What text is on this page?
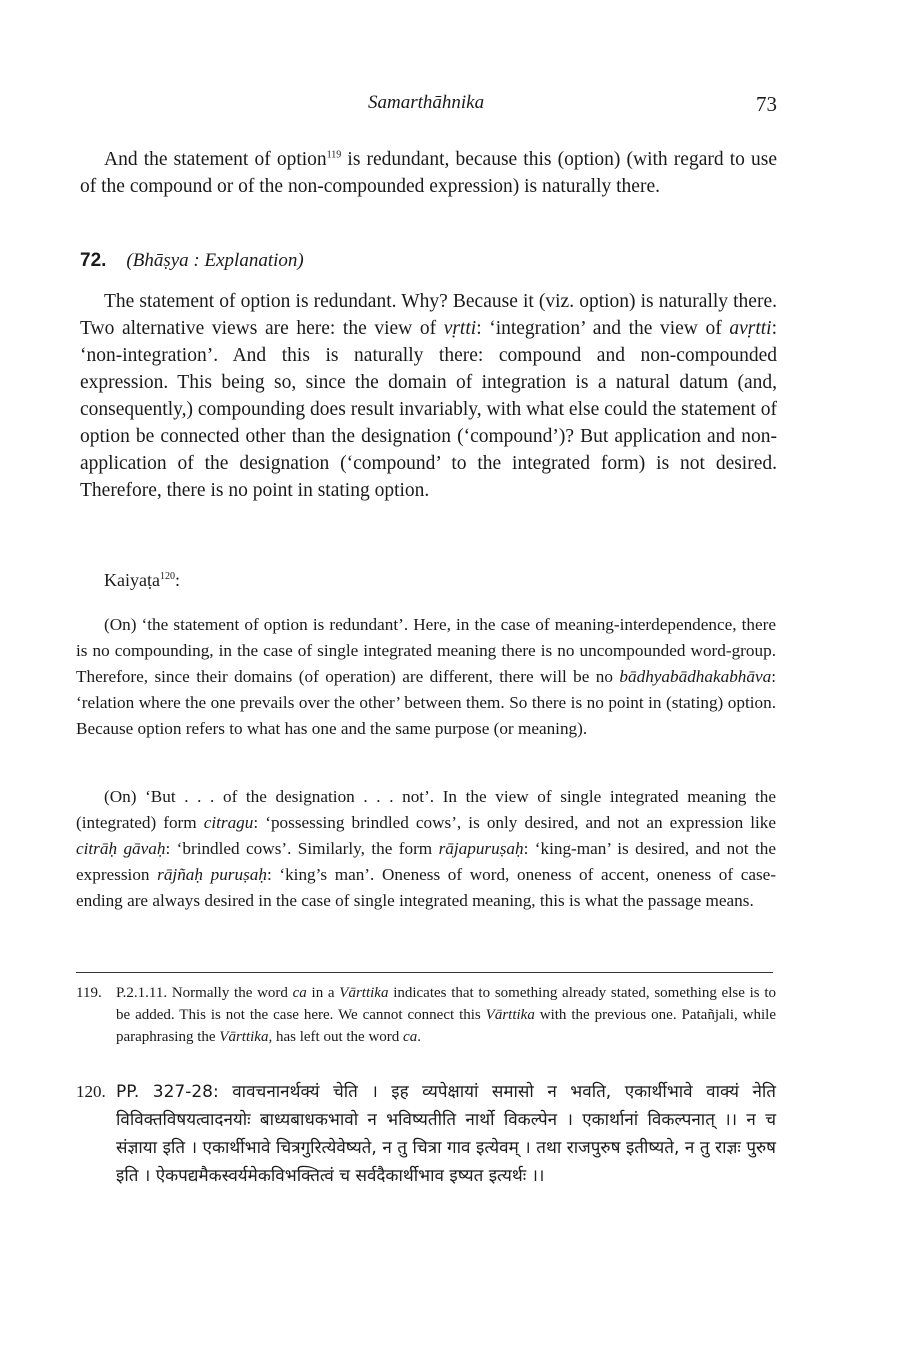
Samarthāhnika	73

And the statement of option$^{119}$ is redundant, because this (option) (with regard to use of the compound or of the non-compounded expression) is naturally there.

72. (Bhāṣya : Explanation)

The statement of option is redundant. Why? Because it (viz. option) is naturally there. Two alternative views are here: the view of vṛtti: ‘integration’ and the view of avṛtti: ‘non-integration’. And this is naturally there: compound and non-compounded expression. This being so, since the domain of integration is a natural datum (and, consequently,) compounding does result invariably, with what else could the statement of option be connected other than the designation (‘compound’)? But application and non-application of the designation (‘compound’ to the integrated form) is not desired. Therefore, there is no point in stating option.

Kaiyaṭa$^{120}$:

(On) ‘the statement of option is redundant’. Here, in the case of meaning-interdependence, there is no compounding, in the case of single integrated meaning there is no uncompounded word-group. Therefore, since their domains (of operation) are different, there will be no bādhyabādhakabhāva: ‘relation where the one prevails over the other’ between them. So there is no point in (stating) option. Because option refers to what has one and the same purpose (or meaning).

(On) ‘But . . . of the designation . . . not’. In the view of single integrated meaning the (integrated) form citragu: ‘possessing brindled cows’, is only desired, and not an expression like citrāḥ gāvaḥ: ‘brindled cows’. Similarly, the form rājapuruṣaḥ: ‘king-man’ is desired, and not the expression rājñaḥ puruṣaḥ: ‘king’s man’. Oneness of word, oneness of accent, oneness of case-ending are always desired in the case of single integrated meaning, this is what the passage means.

119. P.2.1.11. Normally the word ca in a Vārttika indicates that to something already stated, something else is to be added. This is not the case here. We cannot connect this Vārttika with the previous one. Patañjali, while paraphrasing the Vārttika, has left out the word ca.
120. PP. 327-28: वावचनानर्थक्यं चेति । इह व्यपेक्षायां समासो न भवति, एकार्थीभावे वाक्यं नेति विविक्तविषयत्वादनयोः बाध्यबाधकभावो न भविष्यतीति नार्थो विकल्पेन । एकार्थानां विकल्पनात् ।। न च संज्ञाया इति । एकार्थीभावे चित्रगुरित्येवेष्यते, न तु चित्रा गाव इत्येवम् । तथा राजपुरुष इतीष्यते, न तु राज्ञः पुरुष इति । ऐकपद्यमैकस्वर्यमेकविभक्तित्वं च सर्वदैकार्थीभाव इष्यत इत्यर्थः ।।
